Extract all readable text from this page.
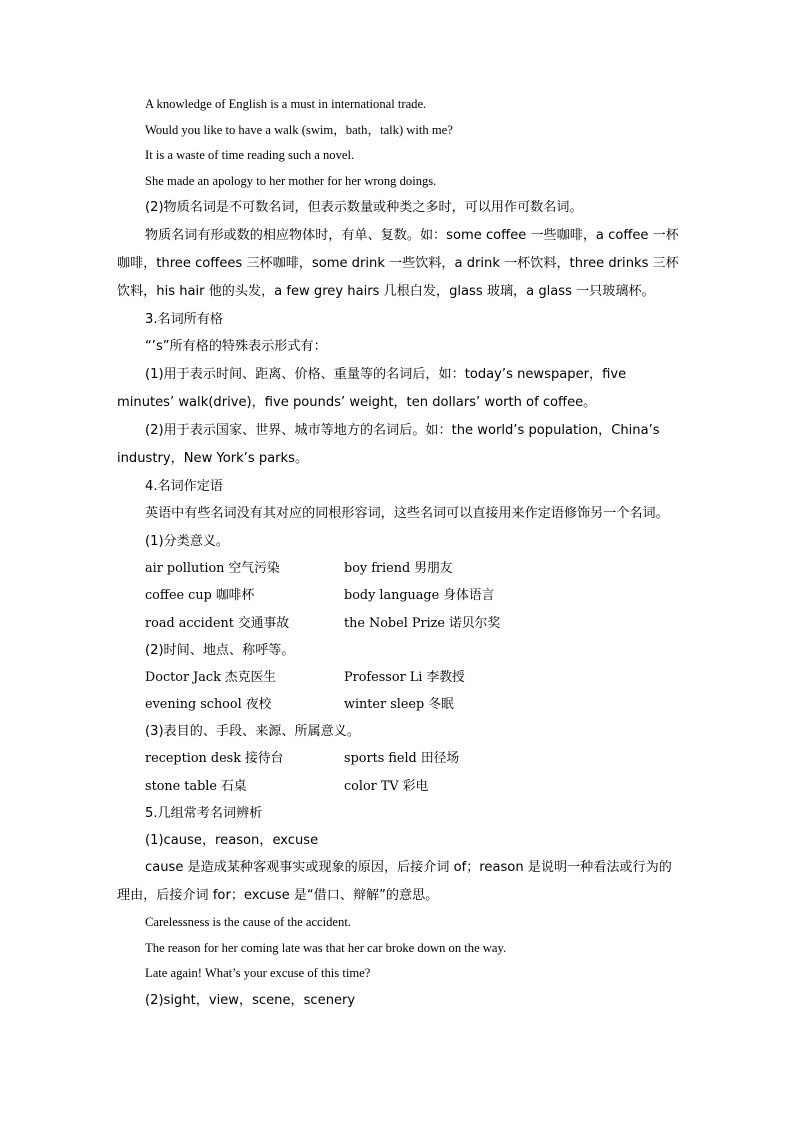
A knowledge of English is a must in international trade.
Would you like to have a walk (swim，bath，talk) with me?
It is a waste of time reading such a novel.
She made an apology to her mother for her wrong doings.

(2)物质名词是不可数名词，但表示数量或种类之多时，可以用作可数名词。

物质名词有形或数的相应物体时，有单、复数。如：some coffee 一些咖啡，a coffee 一杯咖啡，three coffees 三杯咖啡，some drink 一些饮料，a drink 一杯饮料，three drinks 三杯饮料，his hair 他的头发，a few grey hairs 几根白发，glass 玻璃，a glass 一只玻璃杯。

3.名词所有格

“’s”所有格的特殊表示形式有：

(1)用于表示时间、距离、价格、重量等的名词后，如：today’s newspaper，five minutes’ walk(drive)，five pounds’ weight，ten dollars’ worth of coffee。

(2)用于表示国家、世界、城市等地方的名词后。如：the world’s population，China’s industry，New York’s parks。

4.名词作定语

英语中有些名词没有其对应的同根形容词，这些名词可以直接用来作定语修饰另一个名词。

(1)分类意义。
air pollution 空气污染	boy friend 男朋友
coffee cup 咖啡杯	body language 身体语言
road accident 交通事故	the Nobel Prize 诺贝尔奖
(2)时间、地点、称呼等。
Doctor Jack 杰克医生	Professor Li 李教授
evening school 夜校	winter sleep 冬眠
(3)表目的、手段、来源、所属意义。
reception desk 接待台	sports field 田径场
stone table 石桌	color TV 彩电
5.几组常考名词辨析
(1)cause，reason，excuse

cause 是造成某种客观事实或现象的原因，后接介词 of；reason 是说明一种看法或行为的理由，后接介词 for；excuse 是“借口、辩解”的意思。

Carelessness is the cause of the accident.
The reason for her coming late was that her car broke down on the way.
Late again! What’s your excuse of this time?
(2)sight，view，scene，scenery
